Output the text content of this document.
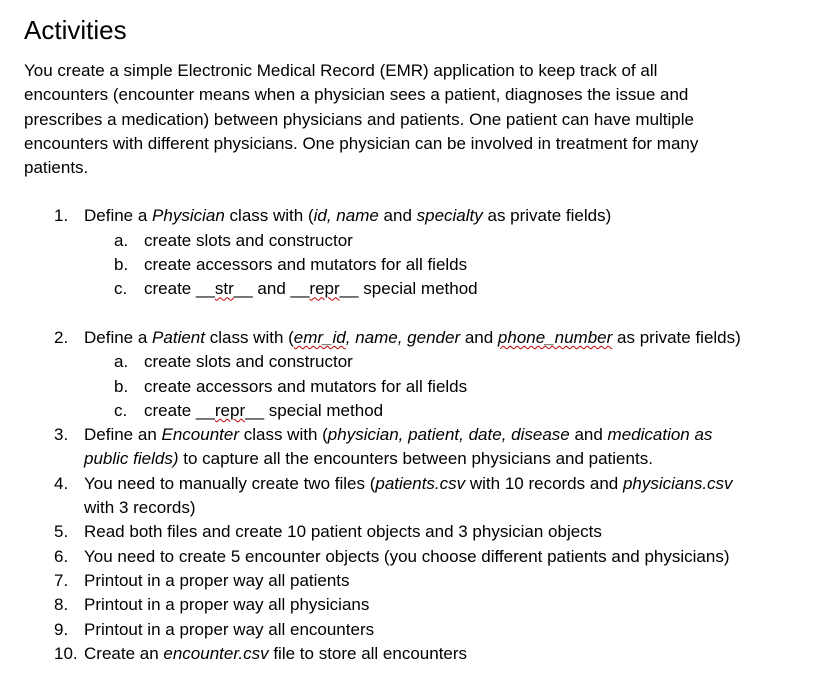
Activities
You create a simple Electronic Medical Record (EMR) application to keep track of all
encounters (encounter means when a physician sees a patient, diagnoses the issue and
prescribes a medication) between physicians and patients. One patient can have multiple
encounters with different physicians. One physician can be involved in treatment for many
patients.
1. Define a Physician class with (id, name and specialty as private fields)
a. create slots and constructor
b. create accessors and mutators for all fields
c. create __str__ and __repr__ special method
2. Define a Patient class with (emr_id, name, gender and phone_number as private fields)
a. create slots and constructor
b. create accessors and mutators for all fields
c. create __repr__ special method
3. Define an Encounter class with (physician, patient, date, disease and medication as
public fields) to capture all the encounters between physicians and patients.
4. You need to manually create two files (patients.csv with 10 records and physicians.csv
with 3 records)
5. Read both files and create 10 patient objects and 3 physician objects
6. You need to create 5 encounter objects (you choose different patients and physicians)
7. Printout in a proper way all patients
8. Printout in a proper way all physicians
9. Printout in a proper way all encounters
10. Create an encounter.csv file to store all encounters
